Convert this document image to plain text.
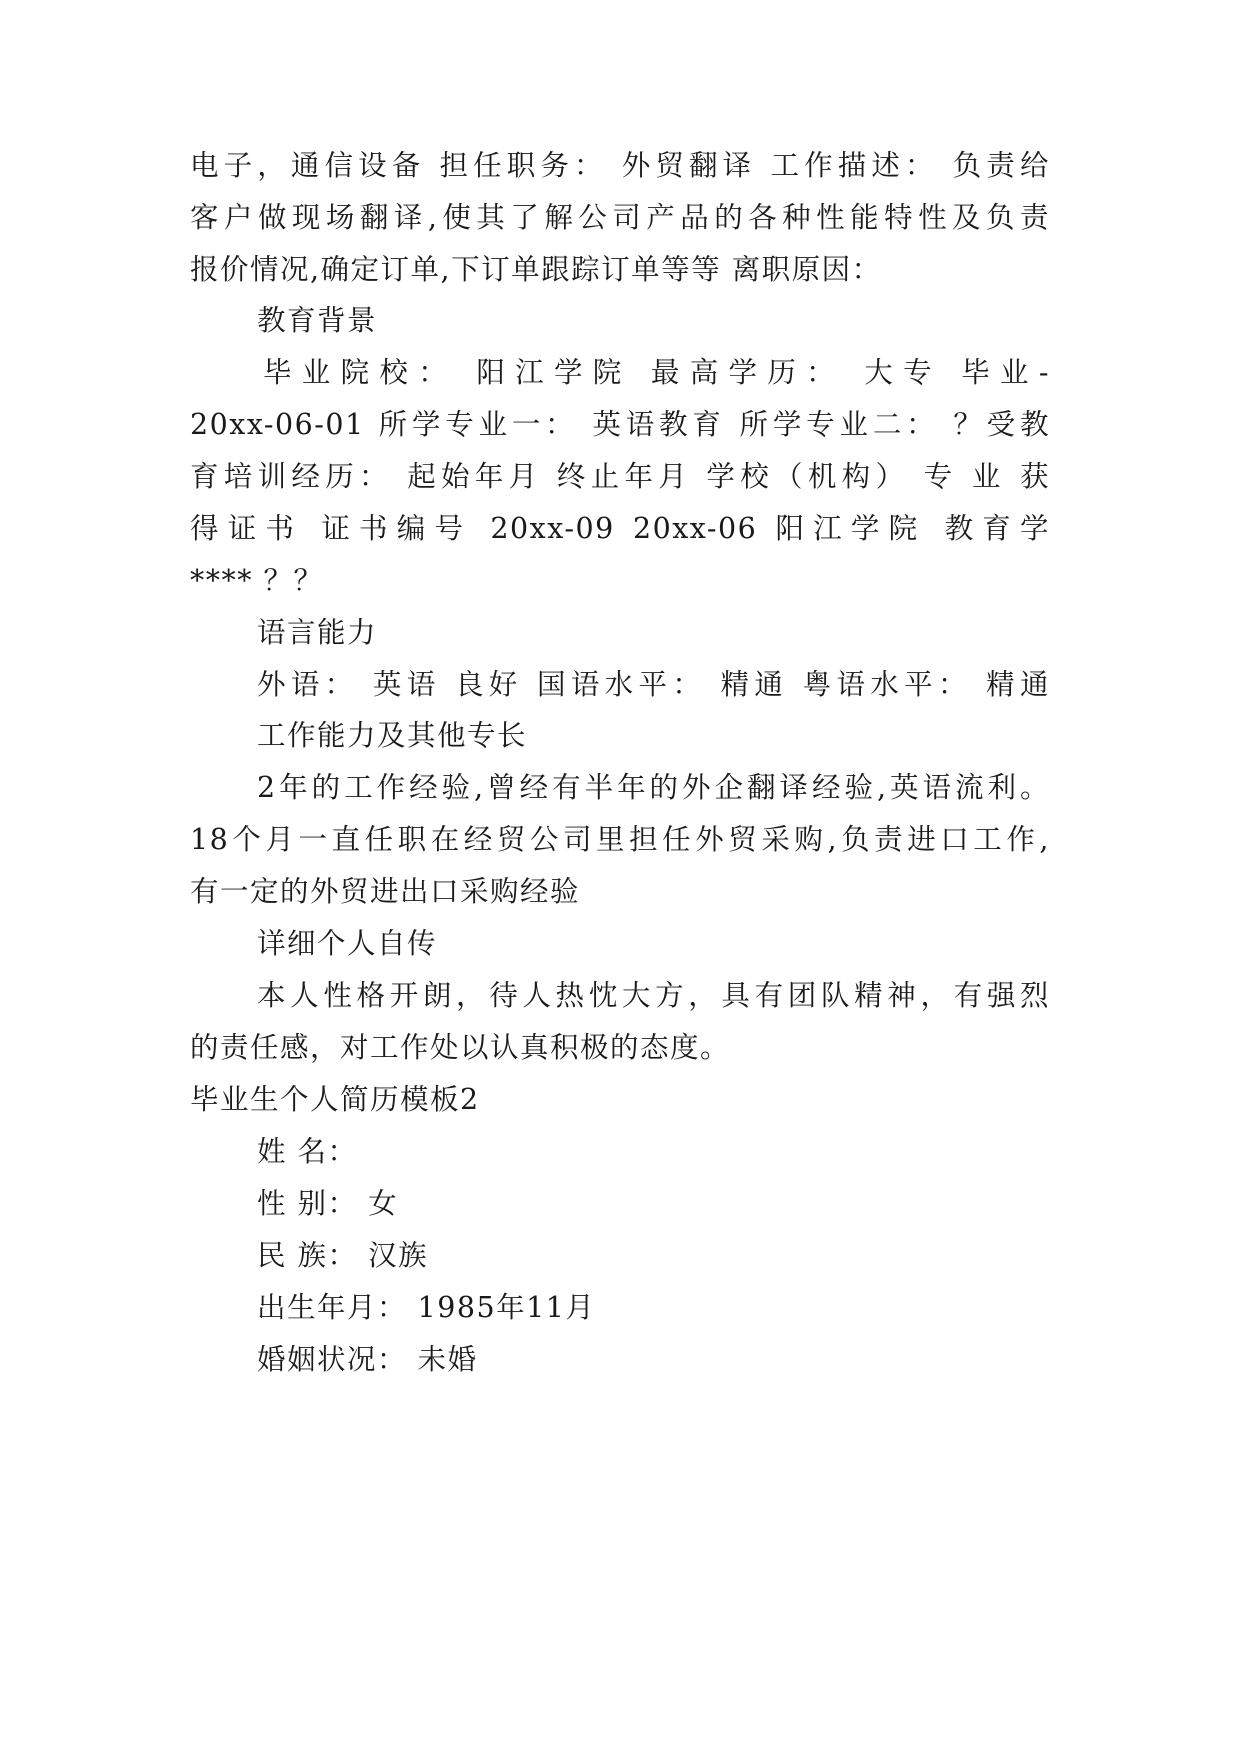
电子，通信设备 担任职务： 外贸翻译 工作描述： 负责给
客户做现场翻译,使其了解公司产品的各种性能特性及负责
报价情况,确定订单,下订单跟踪订单等等 离职原因：
教育背景
毕业院校： 阳江学院 最高学历： 大专 毕业-
20xx-06-01 所学专业一： 英语教育 所学专业二： ？受教
育培训经历： 起始年月 终止年月 学校（机构） 专 业 获
得证书 证书编号 20xx-09 20xx-06 阳江学院 教育学
**** ？？
语言能力
外语： 英语 良好 国语水平： 精通 粤语水平： 精通
工作能力及其他专长
2年的工作经验,曾经有半年的外企翻译经验,英语流利。
18个月一直任职在经贸公司里担任外贸采购,负责进口工作,
有一定的外贸进出口采购经验
详细个人自传
本人性格开朗，待人热忱大方，具有团队精神，有强烈
的责任感，对工作处以认真积极的态度。
毕业生个人简历模板2
姓 名：
性 别： 女
民 族： 汉族
出生年月： 1985年11月
婚姻状况： 未婚
